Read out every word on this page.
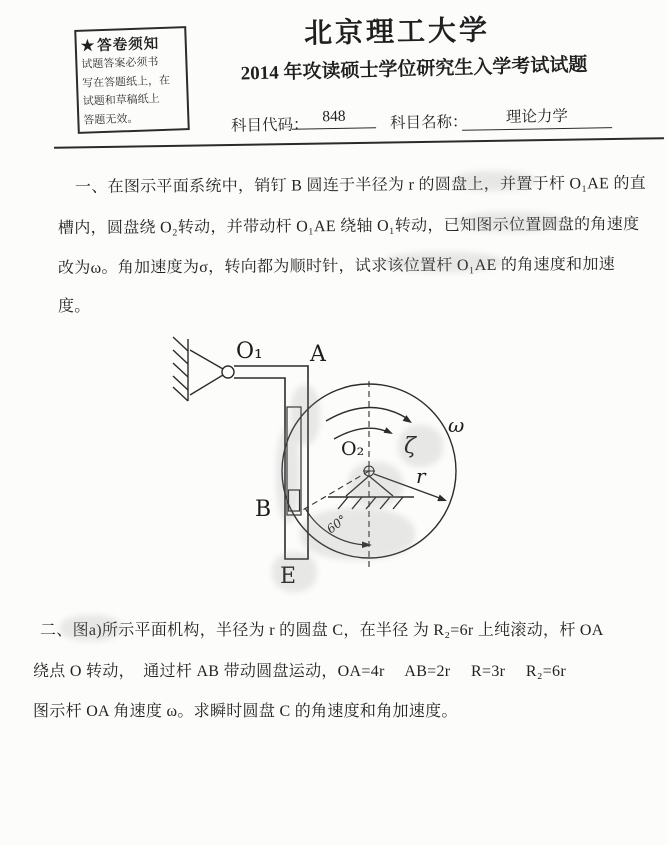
★答卷须知
试题答案必须书
写在答题纸上，在
试题和草稿纸上
答题无效。
北京理工大学
2014 年攻读硕士学位研究生入学考试试题
科目代码： 848	科目名称：	理论力学
一、在图示平面系统中，销钉 B 圆连于半径为 r 的圆盘上，并置于杆 O₁AE 的直
槽内，圆盘绕 O₂转动，并带动杆 O₁AE 绕轴 O₁转动，已知图示位置圆盘的角速度
改为ω。角加速度为σ，转向都为顺时针，试求该位置杆 O₁AE 的角速度和加速
度。
O₁ A
B
E
O₂
ω
ζ
r
60°
二、图a)所示平面机构，半径为 r 的圆盘 C，在半径 为 R₂=6r 上纯滚动，杆 OA
绕点 O 转动，　通过杆 AB 带动圆盘运动，OA=4r　 AB=2r　 R=3r　 R₂=6r
图示杆 OA 角速度 ω。求瞬时圆盘 C 的角速度和角加速度。
